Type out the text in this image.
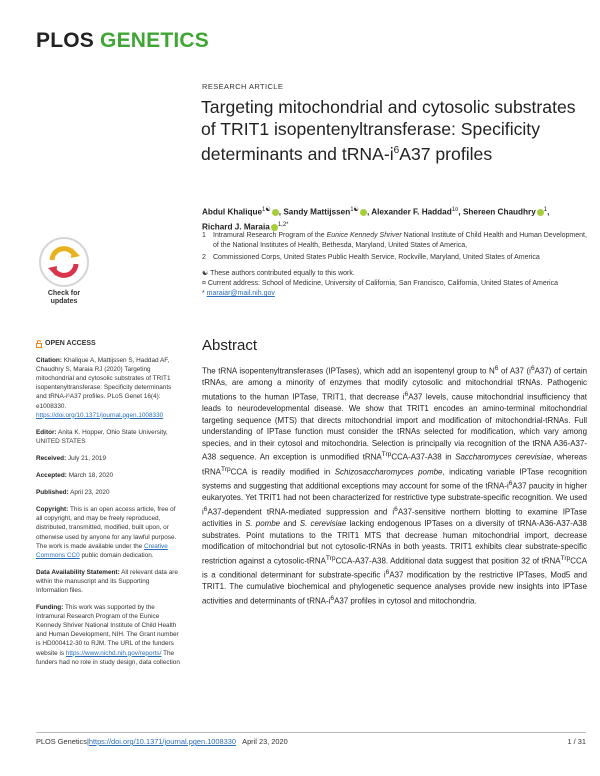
PLOS GENETICS
RESEARCH ARTICLE
Targeting mitochondrial and cytosolic substrates of TRIT1 isopentenyltransferase: Specificity determinants and tRNA-$i^6A37$ profiles
Abdul Khalique$^{1☯}$ , Sandy Mattijssen$^{1☯}$ , Alexander F. Haddad$^{1¤}$, Shereen Chaudhry $^1$,
Richard J. Maraia $^{1,2*}$
1	Intramural Research Program of the Eunice Kennedy Shriver National Institute of Child Health and Human Development, of the National Institutes of Health, Bethesda, Maryland, United States of America,
2	Commissioned Corps, United States Public Health Service, Rockville, Maryland, United States of America
☯ These authors contributed equally to this work.
¤ Current address: School of Medicine, University of California, San Francisco, California, United States of America
* maraiar@mail.nih.gov
Check for
updates
OPEN ACCESS
Citation: Khalique A, Mattijssen S, Haddad AF, Chaudhry S, Maraia RJ (2020) Targeting mitochondrial and cytosolic substrates of TRIT1 isopentenyltransferase: Specificity determinants and tRNA-i⁶A37 profiles. PLoS Genet 16(4): e1008330. https://doi.org/10.1371/journal.pgen.1008330
Editor: Anita K. Hopper, Ohio State University, UNITED STATES
Received: July 21, 2019
Accepted: March 18, 2020
Published: April 23, 2020
Copyright: This is an open access article, free of all copyright, and may be freely reproduced, distributed, transmitted, modified, built upon, or otherwise used by anyone for any lawful purpose. The work is made available under the Creative Commons CC0 public domain dedication.
Data Availability Statement: All relevant data are within the manuscript and its Supporting Information files.
Funding: This work was supported by the Intramural Research Program of the Eunice Kennedy Shriver National Institute of Child Health and Human Development, NIH. The Grant number is HD000412-30 to RJM. The URL of the funders website is https://www.nichd.nih.gov/reports/ The funders had no role in study design, data collection
Abstract
The tRNA isopentenyltransferases (IPTases), which add an isopentenyl group to $N^6$ of A37 $(i^6A37)$ of certain tRNAs, are among a minority of enzymes that modify cytosolic and mitochondrial tRNAs. Pathogenic mutations to the human IPTase, TRIT1, that decrease $i^6A37$ levels, cause mitochondrial insufficiency that leads to neurodevelopmental disease. We show that TRIT1 encodes an amino-terminal mitochondrial targeting sequence (MTS) that directs mitochondrial import and modification of mitochondrial-tRNAs. Full understanding of IPTase function must consider the tRNAs selected for modification, which vary among species, and in their cytosol and mitochondria. Selection is principally via recognition of the tRNA A36-A37-A38 sequence. An exception is unmodified tRNA$^{Trp}$CCA-A37-A38 in Saccharomyces cerevisiae, whereas tRNA$^{Trp}$CCA is readily modified in Schizosaccharomyces pombe, indicating variable IPTase recognition systems and suggesting that additional exceptions may account for some of the tRNA-$i^6A37$ paucity in higher eukaryotes. Yet TRIT1 had not been characterized for restrictive type substrate-specific recognition. We used $i^6A37$-dependent tRNA-mediated suppression and $i^6A37$-sensitive northern blotting to examine IPTase activities in S. pombe and S. cerevisiae lacking endogenous IPTases on a diversity of tRNA-A36-A37-A38 substrates. Point mutations to the TRIT1 MTS that decrease human mitochondrial import, decrease modification of mitochondrial but not cytosolic-tRNAs in both yeasts. TRIT1 exhibits clear substrate-specific restriction against a cytosolic-tRNA$^{Trp}$CCA-A37-A38. Additional data suggest that position 32 of tRNA$^{Trp}$CCA is a conditional determinant for substrate-specific $i^6A37$ modification by the restrictive IPTases, Mod5 and TRIT1. The cumulative biochemical and phylogenetic sequence analyses provide new insights into IPTase activities and determinants of tRNA-$i^6A37$ profiles in cytosol and mitochondria.
PLOS Genetics | https://doi.org/10.1371/journal.pgen.1008330
April 23, 2020	1 / 31
